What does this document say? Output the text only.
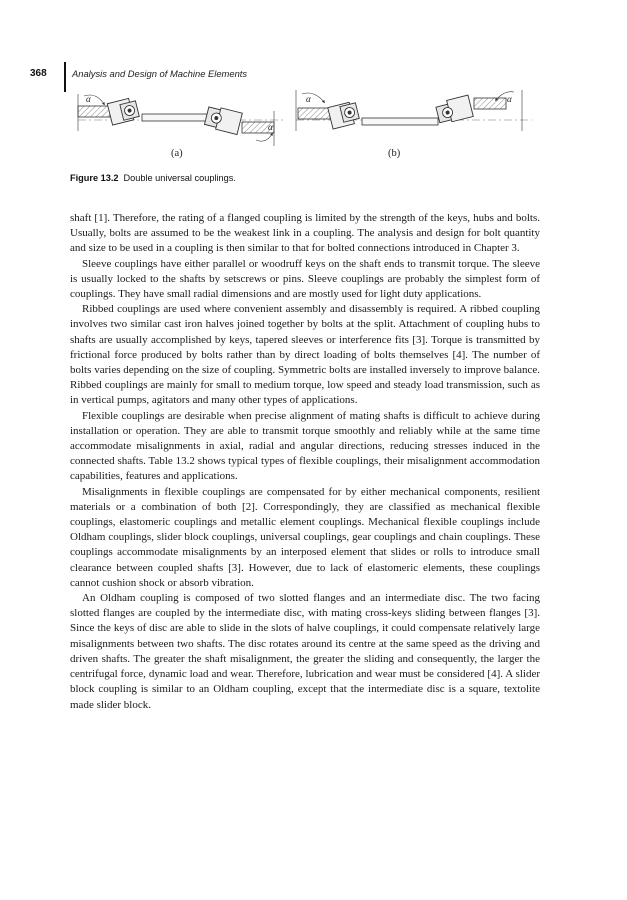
368	Analysis and Design of Machine Elements
α
α
α	α
(a)	(b)
Figure 13.2 Double universal couplings.

shaft [1]. Therefore, the rating of a flanged coupling is limited by the strength of the keys, hubs and bolts. Usually, bolts are assumed to be the weakest link in a coupling. The analysis and design for bolt quantity and size to be used in a coupling is then similar to that for bolted connections introduced in Chapter 3.

Sleeve couplings have either parallel or woodruff keys on the shaft ends to transmit torque. The sleeve is usually locked to the shafts by setscrews or pins. Sleeve couplings are probably the simplest form of couplings. They have small radial dimensions and are mostly used for light duty applications.

Ribbed couplings are used where convenient assembly and disassembly is required. A ribbed coupling involves two similar cast iron halves joined together by bolts at the split. Attachment of coupling hubs to shafts are usually accomplished by keys, tapered sleeves or interference fits [3]. Torque is transmitted by frictional force produced by bolts rather than by direct loading of bolts themselves [4]. The number of bolts varies depending on the size of coupling. Symmetric bolts are installed inversely to improve balance. Ribbed couplings are mainly for small to medium torque, low speed and steady load transmission, such as in vertical pumps, agitators and many other types of applications.

Flexible couplings are desirable when precise alignment of mating shafts is difficult to achieve during installation or operation. They are able to transmit torque smoothly and reliably while at the same time accommodate misalignments in axial, radial and angular directions, reducing stresses induced in the connected shafts. Table 13.2 shows typical types of flexible couplings, their misalignment accommodation capabilities, features and applications.

Misalignments in flexible couplings are compensated for by either mechanical components, resilient materials or a combination of both [2]. Correspondingly, they are classified as mechanical flexible couplings, elastomeric couplings and metallic element couplings. Mechanical flexible couplings include Oldham couplings, slider block couplings, universal couplings, gear couplings and chain couplings. These couplings accommodate misalignments by an interposed element that slides or rolls to introduce small clearance between coupled shafts [3]. However, due to lack of elastomeric elements, these couplings cannot cushion shock or absorb vibration.

An Oldham coupling is composed of two slotted flanges and an intermediate disc. The two facing slotted flanges are coupled by the intermediate disc, with mating cross-keys sliding between flanges [3]. Since the keys of disc are able to slide in the slots of halve couplings, it could compensate relatively large misalignments between two shafts. The disc rotates around its centre at the same speed as the driving and driven shafts. The greater the shaft misalignment, the greater the sliding and consequently, the larger the centrifugal force, dynamic load and wear. Therefore, lubrication and wear must be considered [4]. A slider block coupling is similar to an Oldham coupling, except that the intermediate disc is a square, textolite made slider block.
